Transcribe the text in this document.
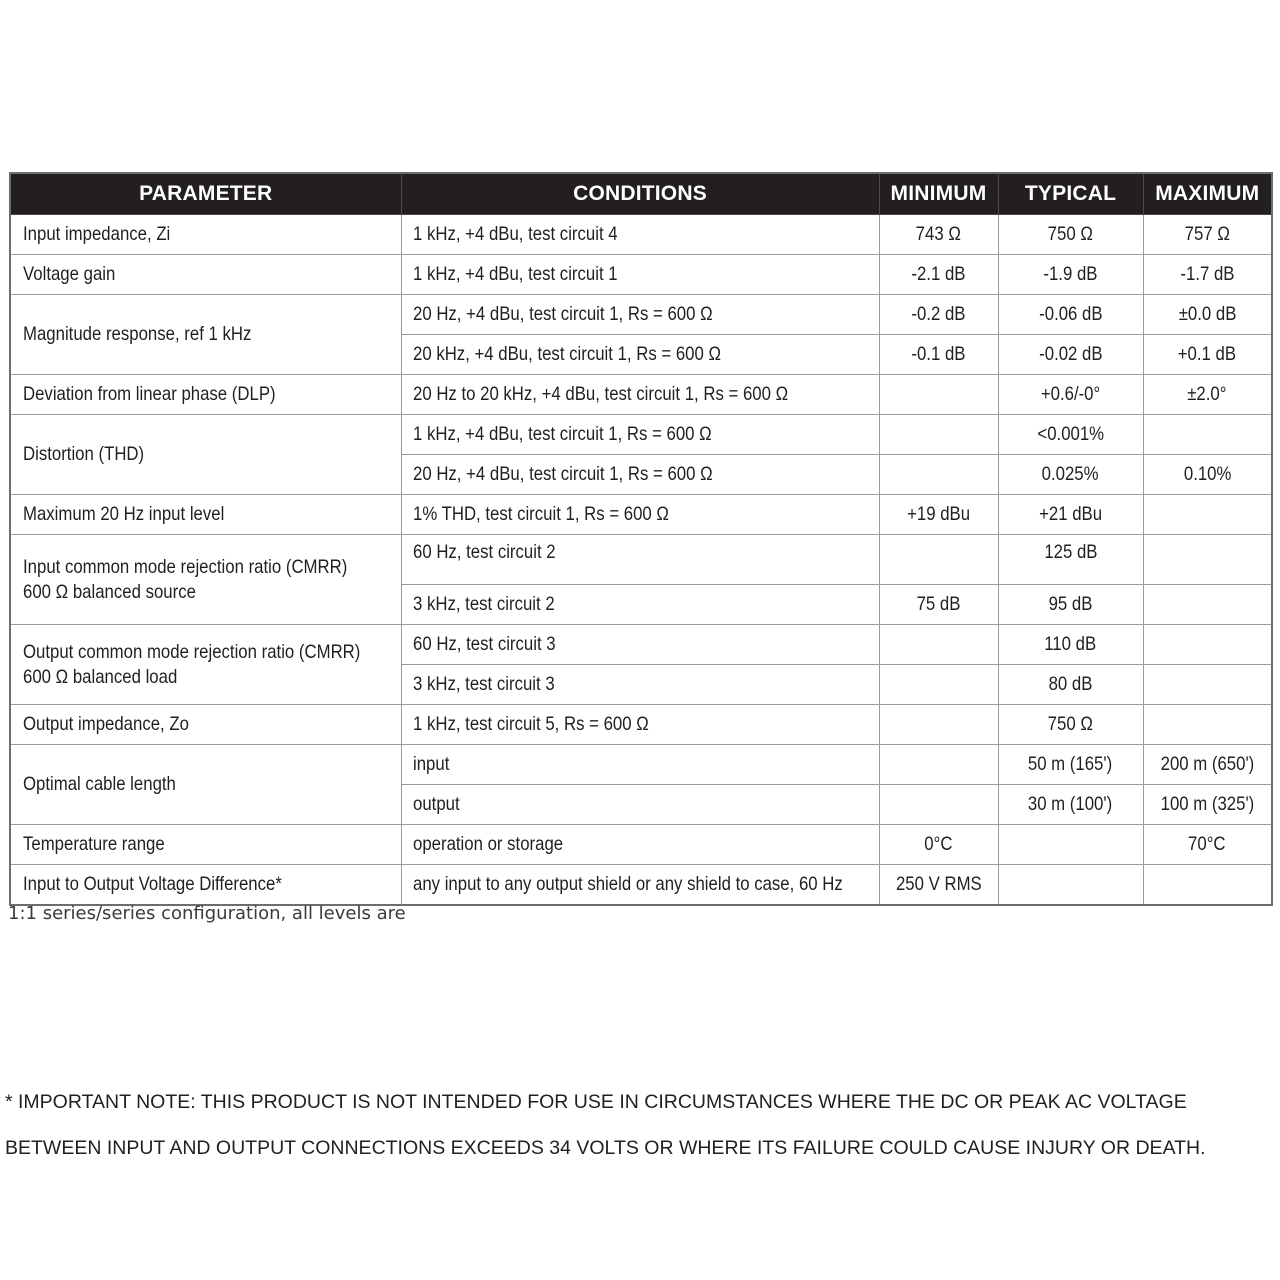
PARAMETER	CONDITIONS	MINIMUM	TYPICAL	MAXIMUM
Input impedance, Zi	1 kHz, +4 dBu, test circuit 4	743 Ω	750 Ω	757 Ω
Voltage gain	1 kHz, +4 dBu, test circuit 1	-2.1 dB	-1.9 dB	-1.7 dB
Magnitude response, ref 1 kHz	20 Hz, +4 dBu, test circuit 1, Rs = 600 Ω	-0.2 dB	-0.06 dB	±0.0 dB
	20 kHz, +4 dBu, test circuit 1, Rs = 600 Ω	-0.1 dB	-0.02 dB	+0.1 dB
Deviation from linear phase (DLP)	20 Hz to 20 kHz, +4 dBu, test circuit 1, Rs = 600 Ω		+0.6/-0°	±2.0°
Distortion (THD)	1 kHz, +4 dBu, test circuit 1, Rs = 600 Ω		<0.001%	
	20 Hz, +4 dBu, test circuit 1, Rs = 600 Ω		0.025%	0.10%
Maximum 20 Hz input level	1% THD, test circuit 1, Rs = 600 Ω	+19 dBu	+21 dBu	
Input common mode rejection ratio (CMRR)
600 Ω balanced source	60 Hz, test circuit 2		125 dB	
	3 kHz, test circuit 2	75 dB	95 dB	
Output common mode rejection ratio (CMRR)
600 Ω balanced load	60 Hz, test circuit 3		110 dB	
	3 kHz, test circuit 3		80 dB	
Output impedance, Zo	1 kHz, test circuit 5, Rs = 600 Ω		750 Ω	
Optimal cable length	input		50 m (165')	200 m (650')
	output		30 m (100')	100 m (325')
Temperature range	operation or storage	0°C		70°C
Input to Output Voltage Difference*	any input to any output shield or any shield to case, 60 Hz	250 V RMS		
1:1 series/series configuration, all levels are

* IMPORTANT NOTE: THIS PRODUCT IS NOT INTENDED FOR USE IN CIRCUMSTANCES WHERE THE DC OR PEAK AC VOLTAGE

BETWEEN INPUT AND OUTPUT CONNECTIONS EXCEEDS 34 VOLTS OR WHERE ITS FAILURE COULD CAUSE INJURY OR DEATH.
